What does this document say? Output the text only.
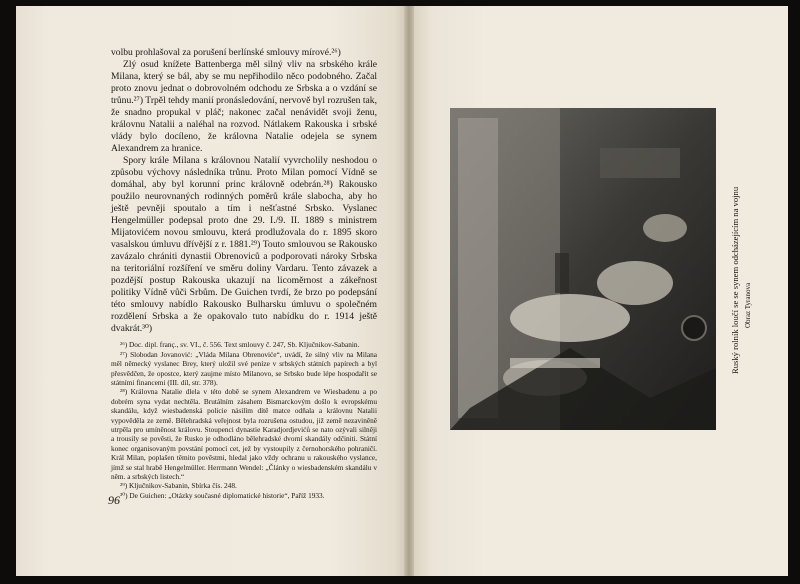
volbu prohlašoval za porušení berlínské smlouvy mírové.²⁶)

Zlý osud knížete Battenberga měl silný vliv na srbského krále Milana, který se bál, aby se mu nepřihodilo něco podobného. Začal proto znovu jednat o dobrovolném odchodu ze Srbska a o vzdání se trůnu.²⁷) Trpěl tehdy manií pronásledování, nervově byl rozrušen tak, že snadno propukal v pláč; nakonec začal nenávidět svoji ženu, královnu Natalii a naléhal na rozvod. Nátlakem Rakouska i srbské vlády bylo docíleno, že královna Natalie odejela se synem Alexandrem za hranice.

Spory krále Milana s královnou Natalií vyvrcholily neshodou o způsobu výchovy následníka trůnu. Proto Milan pomocí Vídně se domáhal, aby byl korunní princ královně odebrán.²⁸) Rakousko použilo neurovnaných rodinných poměrů krále slabocha, aby ho ještě pevněji spoutalo a tím i nešťastné Srbsko. Vyslanec Hengelmüller podepsal proto dne 29. I./9. II. 1889 s ministrem Mijatovićem novou smlouvu, která prodlužovala do r. 1895 skoro vasalskou úmluvu dřívější z r. 1881.²⁹) Touto smlouvou se Rakousko zavázalo chrániti dynastii Obrenoviců a podporovati nároky Srbska na teritoriální rozšíření ve směru doliny Vardaru. Tento závazek a pozdější postup Rakouska ukazují na licoměrnost a zákeřnost politiky Vídně vůči Srbům. De Guichen tvrdí, že brzo po podepsání této smlouvy nabídlo Rakousko Bulharsku úmluvu o společném rozdělení Srbska a že opakovalo tuto nabídku do r. 1914 ještě dvakrát.³⁰)

²⁶) Doc. dipl. franç., sv. VI., č. 556. Text smlouvy č. 247, Sb. Ključnikov-Sabanin.

²⁷) Slobodan Jovanović: „Vláda Milana Obrenoviće“, uvádí, že silný vliv na Milana měl německý vyslanec Brey, který uložil své peníze v srbských státních papírech a byl přesvědčen, že opostce, který zaujme místo Milanovo, se Srbsko bude lépe hospodařit se státními financemi (III. díl, str. 378).

²⁸) Královna Natalie dlela v této době se synem Alexandrem ve Wiesbadenu a po dobrém syna vydat nechtěla. Brutálním zásahem Bismarckovým došlo k evropskému skandálu, když wiesbadenská policie násilím dítě matce odňala a královnu Natalii vypověděla ze země. Bělehradská veřejnost byla rozrušena ostudou, již země nezaviněně utrpěla pro umíněnost královu. Stoupenci dynastie Karadjordjevićů se nato ozývali silněji a trousily se pověsti, že Rusko je odhodláno bělehradské dvorní skandály odčiniti. Státní konec organisovaným povstání pomocí cet, jež by vystoupily z černohorského pohraničí. Král Milan, poplašen těmito pověstmi, hledal jako vždy ochranu u rakouského vyslance, jímž se stal hrabě Hengelmüller. Herrmann Wendel: „Články o wiesbadenském skandálu v něm. a srbských listech.“

²⁹) Ključnikov-Sabanin, Sbírka čís. 248.

³⁰) De Guichen: „Otázky současné diplomatické historie“, Paříž 1933.

96
Ruský rolník loučí se se synem odcházejícím na vojnu Obraz Tyranova
